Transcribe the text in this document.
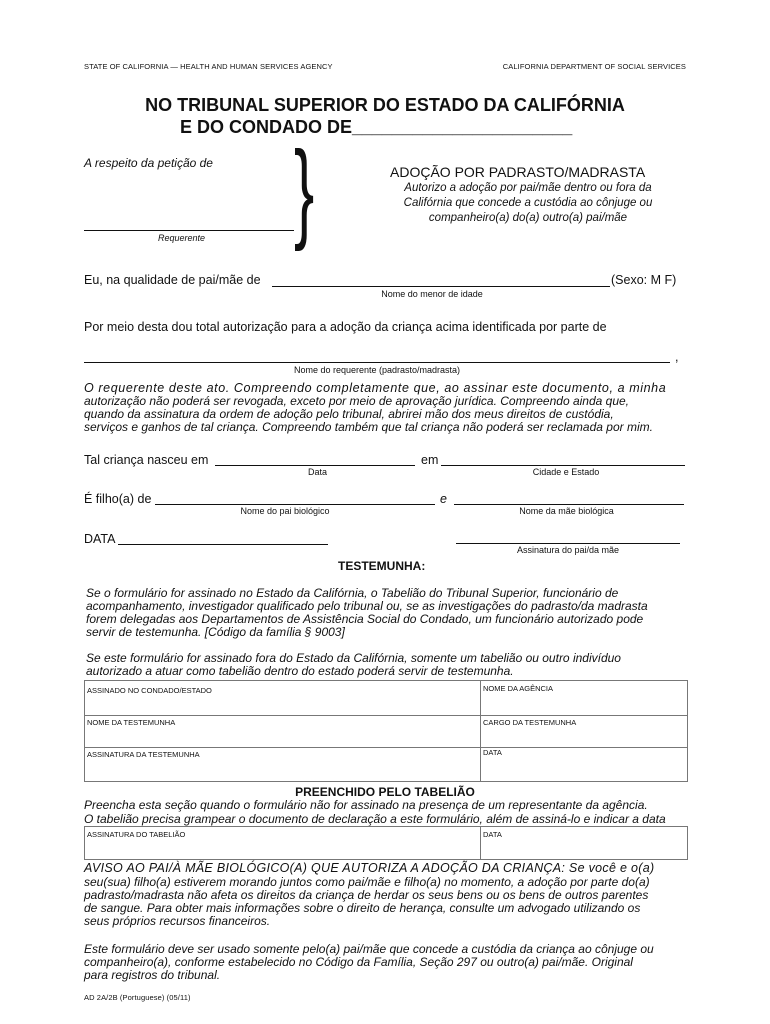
STATE OF CALIFORNIA — HEALTH AND HUMAN SERVICES AGENCY	CALIFORNIA DEPARTMENT OF SOCIAL SERVICES
NO TRIBUNAL SUPERIOR DO ESTADO DA CALIFÓRNIA
E DO CONDADO DE______________________
A respeito da petição de
Requerente }	ADOÇÃO POR PADRASTO/MADRASTA
Autorizo a adoção por pai/mãe dentro ou fora da
Califórnia que concede a custódia ao cônjuge ou
companheiro(a) do(a) outro(a) pai/mãe
Eu, na qualidade de pai/mãe de	(Sexo: M F)
Nome do menor de idade
Por meio desta dou total autorização para a adoção da criança acima identificada por parte de
,
Nome do requerente (padrasto/madrasta)
O requerente deste ato. Compreendo completamente que, ao assinar este documento, a minha
autorização não poderá ser revogada, exceto por meio de aprovação jurídica. Compreendo ainda que,
quando da assinatura da ordem de adoção pelo tribunal, abrirei mão dos meus direitos de custódia,
serviços e ganhos de tal criança. Compreendo também que tal criança não poderá ser reclamada por mim.
Tal criança nasceu em	em
Data	Cidade e Estado
É filho(a) de	e
Nome do pai biológico	Nome da mãe biológica
DATA
Assinatura do pai/da mãe
TESTEMUNHA:
Se o formulário for assinado no Estado da Califórnia, o Tabelião do Tribunal Superior, funcionário de
acompanhamento, investigador qualificado pelo tribunal ou, se as investigações do padrasto/da madrasta
forem delegadas aos Departamentos de Assistência Social do Condado, um funcionário autorizado pode
servir de testemunha. [Código da família § 9003]
Se este formulário for assinado fora do Estado da Califórnia, somente um tabelião ou outro indivíduo
autorizado a atuar como tabelião dentro do estado poderá servir de testemunha.
ASSINADO NO CONDADO/ESTADO	NOME DA AGÊNCIA
NOME DA TESTEMUNHA	CARGO DA TESTEMUNHA
ASSINATURA DA TESTEMUNHA	DATA
PREENCHIDO PELO TABELIÃO
Preencha esta seção quando o formulário não for assinado na presença de um representante da agência.
O tabelião precisa grampear o documento de declaração a este formulário, além de assiná-lo e indicar a data
ASSINATURA DO TABELIÃO	DATA
AVISO AO PAI/À MÃE BIOLÓGICO(A) QUE AUTORIZA A ADOÇÃO DA CRIANÇA: Se você e o(a)
seu(sua) filho(a) estiverem morando juntos como pai/mãe e filho(a) no momento, a adoção por parte do(a)
padrasto/madrasta não afeta os direitos da criança de herdar os seus bens ou os bens de outros parentes
de sangue. Para obter mais informações sobre o direito de herança, consulte um advogado utilizando os
seus próprios recursos financeiros.
Este formulário deve ser usado somente pelo(a) pai/mãe que concede a custódia da criança ao cônjuge ou
companheiro(a), conforme estabelecido no Código da Família, Seção 297 ou outro(a) pai/mãe. Original
para registros do tribunal.
AD 2A/2B (Portuguese) (05/11)
